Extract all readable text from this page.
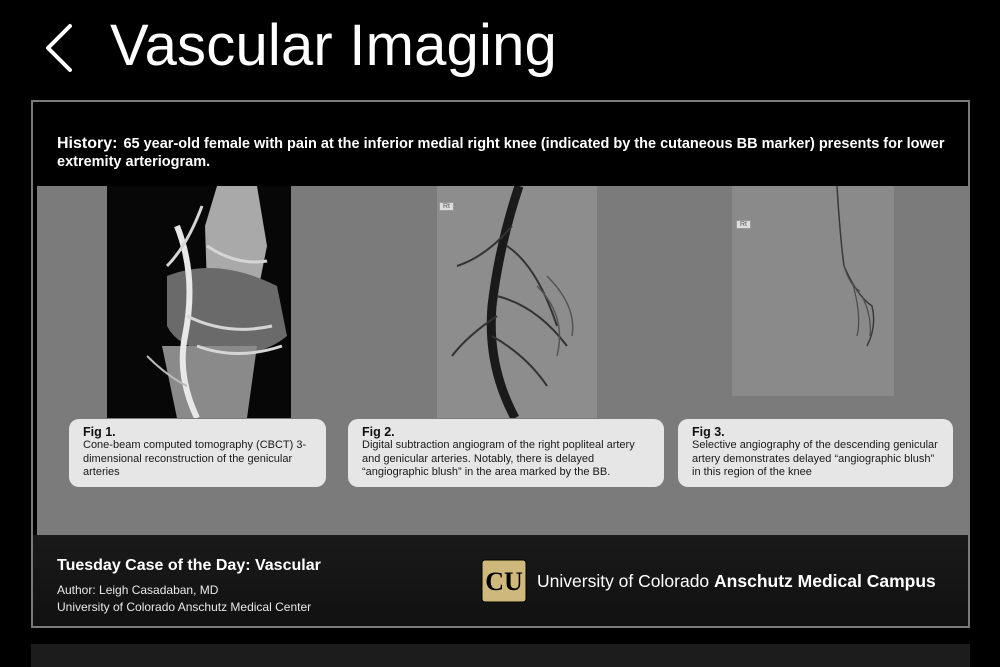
Vascular Imaging
History: 65 year-old female with pain at the inferior medial right knee (indicated by the cutaneous BB marker) presents for lower extremity arteriogram.
Rt
Rt
Fig 1.
Cone-beam computed tomography (CBCT) 3-dimensional reconstruction of the genicular arteries
Fig 2.
Digital subtraction angiogram of the right popliteal artery and genicular arteries. Notably, there is delayed “angiographic blush” in the area marked by the BB.
Fig 3.
Selective angiography of the descending genicular artery demonstrates delayed “angiographic blush” in this region of the knee
Tuesday Case of the Day: Vascular
Author: Leigh Casadaban, MD
University of Colorado Anschutz Medical Center
CU University of Colorado Anschutz Medical Campus
